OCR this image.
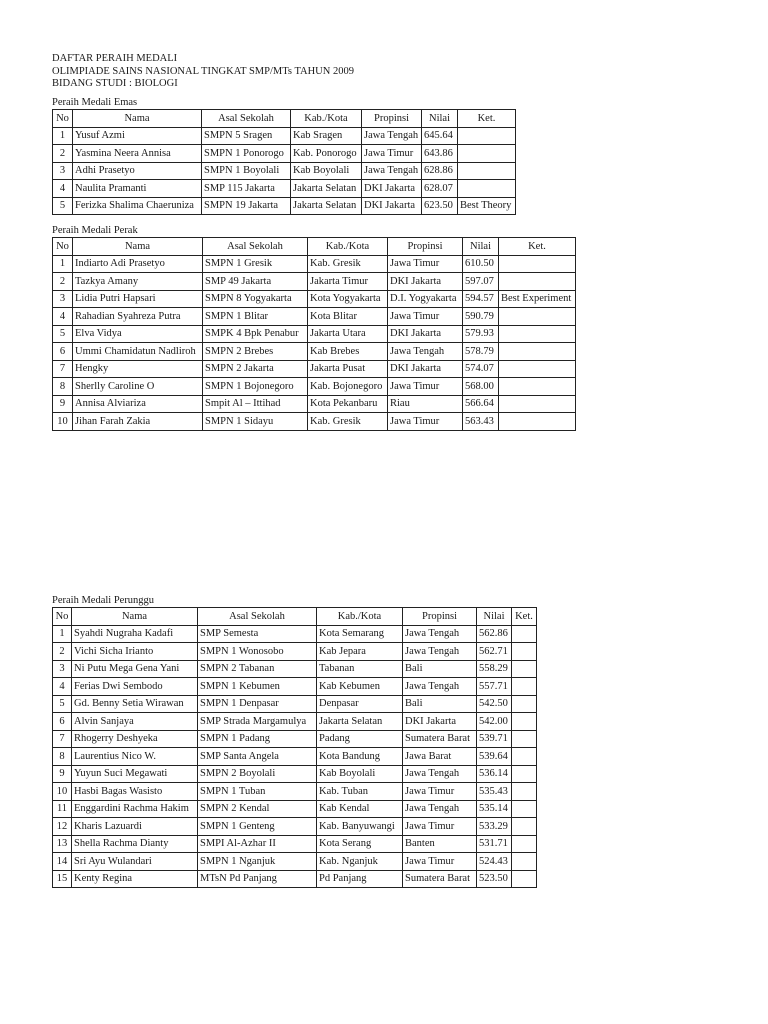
DAFTAR PERAIH MEDALI
OLIMPIADE SAINS NASIONAL TINGKAT SMP/MTs TAHUN 2009
BIDANG STUDI : BIOLOGI
Peraih Medali Emas
No	Nama	Asal Sekolah	Kab./Kota	Propinsi	Nilai	Ket.
1	Yusuf Azmi	SMPN 5 Sragen	Kab Sragen	Jawa Tengah	645.64	
2	Yasmina Neera Annisa	SMPN 1 Ponorogo	Kab. Ponorogo	Jawa Timur	643.86	
3	Adhi Prasetyo	SMPN 1 Boyolali	Kab Boyolali	Jawa Tengah	628.86	
4	Naulita Pramanti	SMP 115 Jakarta	Jakarta Selatan	DKI Jakarta	628.07	
5	Ferizka Shalima Chaeruniza	SMPN 19 Jakarta	Jakarta Selatan	DKI Jakarta	623.50	Best Theory
Peraih Medali Perak
No	Nama	Asal Sekolah	Kab./Kota	Propinsi	Nilai	Ket.
1	Indiarto Adi Prasetyo	SMPN 1 Gresik	Kab. Gresik	Jawa Timur	610.50	
2	Tazkya Amany	SMP 49 Jakarta	Jakarta Timur	DKI Jakarta	597.07	
3	Lidia Putri Hapsari	SMPN 8 Yogyakarta	Kota Yogyakarta	D.I. Yogyakarta	594.57	Best Experiment
4	Rahadian Syahreza Putra	SMPN 1 Blitar	Kota Blitar	Jawa Timur	590.79	
5	Elva Vidya	SMPK 4 Bpk Penabur	Jakarta Utara	DKI Jakarta	579.93	
6	Ummi Chamidatun Nadliroh	SMPN 2 Brebes	Kab Brebes	Jawa Tengah	578.79	
7	Hengky	SMPN 2 Jakarta	Jakarta Pusat	DKI Jakarta	574.07	
8	Sherlly Caroline O	SMPN 1 Bojonegoro	Kab. Bojonegoro	Jawa Timur	568.00	
9	Annisa Alviariza	Smpit Al – Ittihad	Kota Pekanbaru	Riau	566.64	
10	Jihan Farah Zakia	SMPN 1 Sidayu	Kab. Gresik	Jawa Timur	563.43	
Peraih Medali Perunggu
No	Nama	Asal Sekolah	Kab./Kota	Propinsi	Nilai	Ket.
1	Syahdi Nugraha Kadafi	SMP Semesta	Kota Semarang	Jawa Tengah	562.86	
2	Vichi Sicha Irianto	SMPN 1 Wonosobo	Kab Jepara	Jawa Tengah	562.71	
3	Ni Putu Mega Gena Yani	SMPN 2 Tabanan	Tabanan	Bali	558.29	
4	Ferias Dwi Sembodo	SMPN 1 Kebumen	Kab Kebumen	Jawa Tengah	557.71	
5	Gd. Benny Setia Wirawan	SMPN 1 Denpasar	Denpasar	Bali	542.50	
6	Alvin Sanjaya	SMP Strada Margamulya	Jakarta Selatan	DKI Jakarta	542.00	
7	Rhogerry Deshyeka	SMPN 1 Padang	Padang	Sumatera Barat	539.71	
8	Laurentius Nico W.	SMP Santa Angela	Kota Bandung	Jawa Barat	539.64	
9	Yuyun Suci Megawati	SMPN 2 Boyolali	Kab Boyolali	Jawa Tengah	536.14	
10	Hasbi Bagas Wasisto	SMPN 1 Tuban	Kab. Tuban	Jawa Timur	535.43	
11	Enggardini Rachma Hakim	SMPN 2 Kendal	Kab Kendal	Jawa Tengah	535.14	
12	Kharis Lazuardi	SMPN 1 Genteng	Kab. Banyuwangi	Jawa Timur	533.29	
13	Shella Rachma Dianty	SMPI Al-Azhar II	Kota Serang	Banten	531.71	
14	Sri Ayu Wulandari	SMPN 1 Nganjuk	Kab. Nganjuk	Jawa Timur	524.43	
15	Kenty Regina	MTsN Pd Panjang	Pd Panjang	Sumatera Barat	523.50	
